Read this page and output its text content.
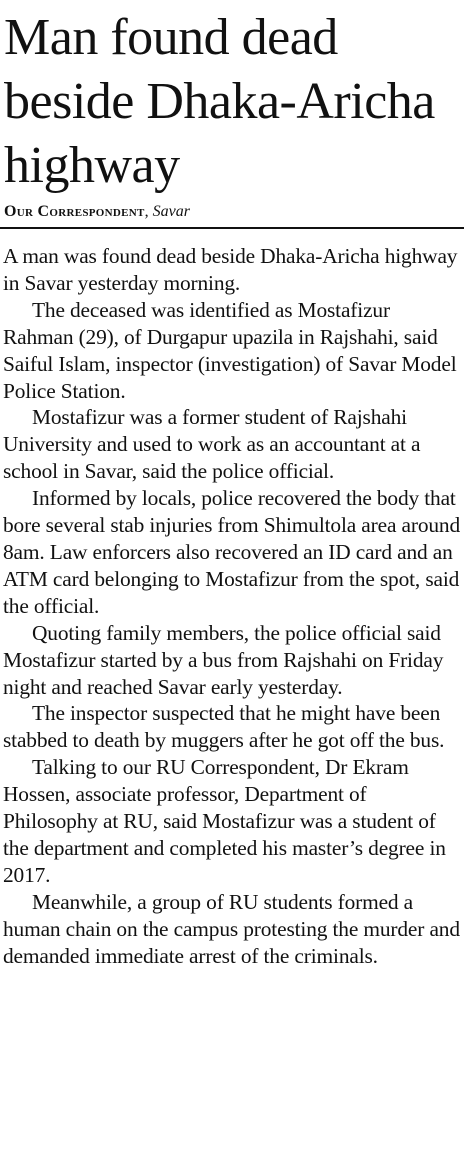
Man found dead beside Dhaka-Aricha highway
Our Correspondent, Savar

A man was found dead beside Dhaka-Aricha highway in Savar yesterday morning.

The deceased was identified as Mostafizur Rahman (29), of Durgapur upazila in Rajshahi, said Saiful Islam, inspector (investigation) of Savar Model Police Station.

Mostafizur was a former student of Rajshahi University and used to work as an accountant at a school in Savar, said the police official.

Informed by locals, police recovered the body that bore several stab injuries from Shimultola area around 8am. Law enforcers also recovered an ID card and an ATM card belonging to Mostafizur from the spot, said the official.

Quoting family members, the police official said Mostafizur started by a bus from Rajshahi on Friday night and reached Savar early yesterday.

The inspector suspected that he might have been stabbed to death by muggers after he got off the bus.

Talking to our RU Correspondent, Dr Ekram Hossen, associate professor, Department of Philosophy at RU, said Mostafizur was a student of the department and completed his master’s degree in 2017.

Meanwhile, a group of RU students formed a human chain on the campus protesting the murder and demanded immediate arrest of the criminals.
